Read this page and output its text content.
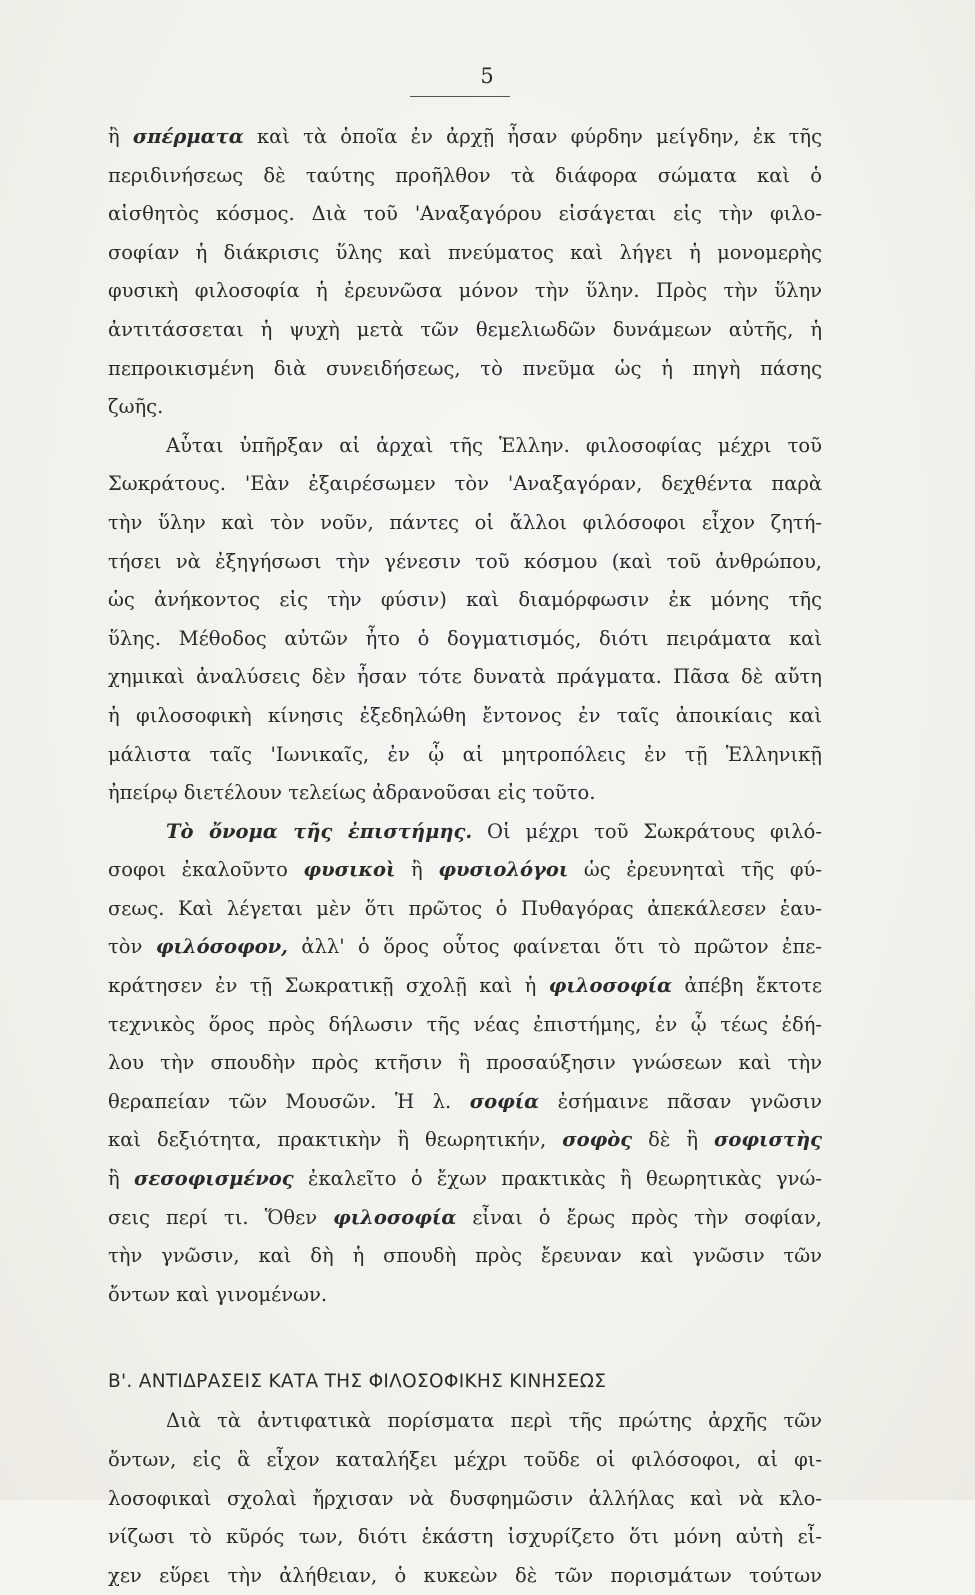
5
ἢ σπέρματα καὶ τὰ ὁποῖα ἐν ἀρχῇ ἦσαν φύρδην μείγδην, ἐκ τῆς
περιδινήσεως δὲ ταύτης προῆλθον τὰ διάφορα σώματα καὶ ὁ
αἰσθητὸς κόσμος. Διὰ τοῦ 'Αναξαγόρου εἰσάγεται εἰς τὴν φιλο-
σοφίαν ἡ διάκρισις ὕλης καὶ πνεύματος καὶ λήγει ἡ μονομερὴς
φυσικὴ φιλοσοφία ἡ ἐρευνῶσα μόνον τὴν ὕλην. Πρὸς τὴν ὕλην
ἀντιτάσσεται ἡ ψυχὴ μετὰ τῶν θεμελιωδῶν δυνάμεων αὐτῆς, ἡ
πεπροικισμένη διὰ συνειδήσεως, τὸ πνεῦμα ὡς ἡ πηγὴ πάσης
ζωῆς.
Αὗται ὑπῆρξαν αἱ ἀρχαὶ τῆς Ἑλλην. φιλοσοφίας μέχρι τοῦ
Σωκράτους. 'Εὰν ἐξαιρέσωμεν τὸν 'Αναξαγόραν, δεχθέντα παρὰ
τὴν ὕλην καὶ τὸν νοῦν, πάντες οἱ ἄλλοι φιλόσοφοι εἶχον ζητή-
τήσει νὰ ἐξηγήσωσι τὴν γένεσιν τοῦ κόσμου (καὶ τοῦ ἀνθρώπου,
ὡς ἀνήκοντος εἰς τὴν φύσιν) καὶ διαμόρφωσιν ἐκ μόνης τῆς
ὕλης. Μέθοδος αὐτῶν ἦτο ὁ δογματισμός, διότι πειράματα καὶ
χημικαὶ ἀναλύσεις δὲν ἦσαν τότε δυνατὰ πράγματα. Πᾶσα δὲ αὔτη
ἡ φιλοσοφικὴ κίνησις ἐξεδηλώθη ἔντονος ἐν ταῖς ἀποικίαις καὶ
μάλιστα ταῖς 'Ιωνικαῖς, ἐν ᾧ αἱ μητροπόλεις ἐν τῇ Ἑλληνικῇ
ἠπείρῳ διετέλουν τελείως ἀδρανοῦσαι εἰς τοῦτο.
Τὸ ὄνομα τῆς ἐπιστήμης. Οἱ μέχρι τοῦ Σωκράτους φιλό-
σοφοι ἐκαλοῦντο φυσικοὶ ἢ φυσιολόγοι ὡς ἐρευνηταὶ τῆς φύ-
σεως. Καὶ λέγεται μὲν ὅτι πρῶτος ὁ Πυθαγόρας ἀπεκάλεσεν ἑαυ-
τὸν φιλόσοφον, ἀλλ' ὁ ὅρος οὗτος φαίνεται ὅτι τὸ πρῶτον ἐπε-
κράτησεν ἐν τῇ Σωκρατικῇ σχολῇ καὶ ἡ φιλοσοφία ἀπέβη ἔκτοτε
τεχνικὸς ὅρος πρὸς δήλωσιν τῆς νέας ἐπιστήμης, ἐν ᾧ τέως ἐδή-
λου τὴν σπουδὴν πρὸς κτῆσιν ἢ προσαύξησιν γνώσεων καὶ τὴν
θεραπείαν τῶν Μουσῶν. Ἡ λ. σοφία ἐσήμαινε πᾶσαν γνῶσιν
καὶ δεξιότητα, πρακτικὴν ἢ θεωρητικήν, σοφὸς δὲ ἢ σοφιστὴς
ἢ σεσοφισμένος ἐκαλεῖτο ὁ ἔχων πρακτικὰς ἢ θεωρητικὰς γνώ-
σεις περί τι. Ὅθεν φιλοσοφία εἶναι ὁ ἔρως πρὸς τὴν σοφίαν,
τὴν γνῶσιν, καὶ δὴ ἡ σπουδὴ πρὸς ἔρευναν καὶ γνῶσιν τῶν
ὄντων καὶ γινομένων.
Β'. ΑΝΤΙΔΡΑΣΕΙΣ ΚΑΤΑ ΤΗΣ ΦΙΛΟΣΟΦΙΚΗΣ ΚΙΝΗΣΕΩΣ
Διὰ τὰ ἀντιφατικὰ πορίσματα περὶ τῆς πρώτης ἀρχῆς τῶν
ὄντων, εἰς ἃ εἶχον καταλήξει μέχρι τοῦδε οἱ φιλόσοφοι, αἱ φι-
λοσοφικαὶ σχολαὶ ἤρχισαν νὰ δυσφημῶσιν ἀλλήλας καὶ νὰ κλο-
νίζωσι τὸ κῦρός των, διότι ἑκάστη ἰσχυρίζετο ὅτι μόνη αὐτὴ εἶ-
χεν εὕρει τὴν ἀλήθειαν, ὁ κυκεὼν δὲ τῶν πορισμάτων τούτων
